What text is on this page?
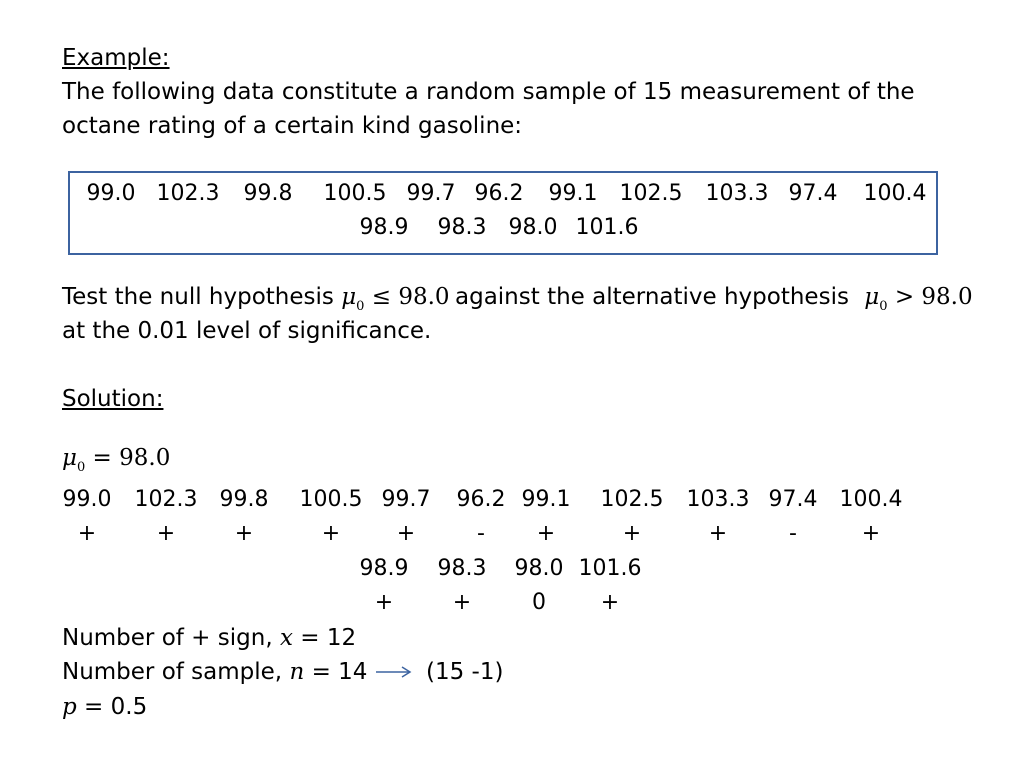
Example:
The following data constitute a random sample of 15 measurement of the
octane rating of a certain kind gasoline:
99.0 102.3 99.8 100.5 99.7 96.2 99.1 102.5 103.3 97.4 100.4
98.9 98.3 98.0 101.6
Test the null hypothesis $\mu_0 \le 98.0$ against the alternative hypothesis $\mu_0 > 98.0$
at the 0.01 level of significance.
Solution:
$\mu_0 = 98.0$
99.0 102.3 99.8 100.5 99.7 96.2 99.1 102.5 103.3 97.4 100.4
+	+	+	+	+	- +	+	+	-	+
98.9 98.3 98.0 101.6
+	+	0 +
Number of + sign, x = 12
Number of sample, n = 14	(15 -1)
p = 0.5
